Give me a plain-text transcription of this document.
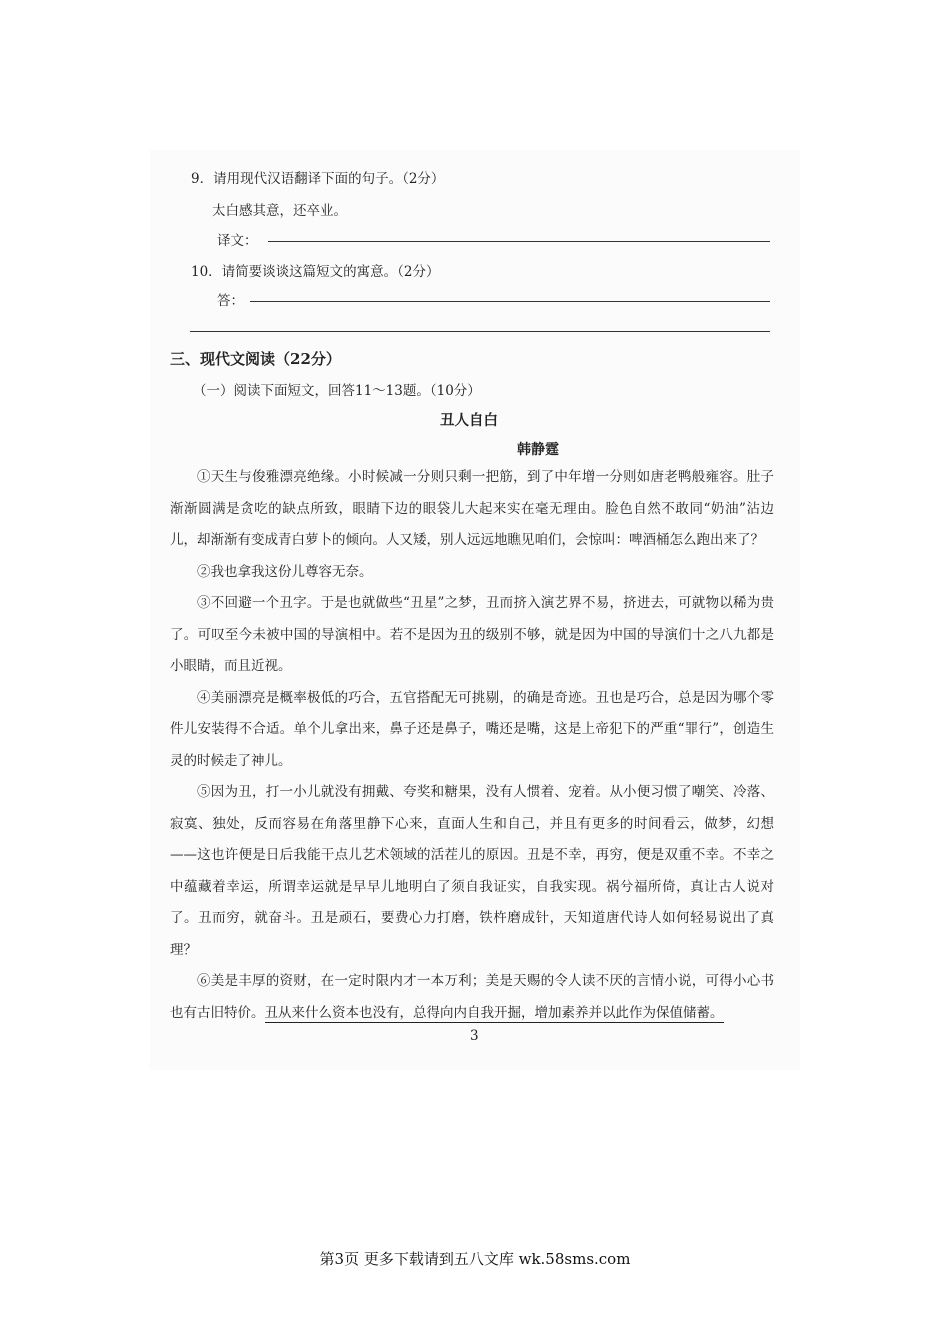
9．请用现代汉语翻译下面的句子。（2分）
太白感其意，还卒业。
译文：
10．请简要谈谈这篇短文的寓意。（2分）
答：
三、现代文阅读（22分）
（一）阅读下面短文，回答11～13题。（10分）
丑人自白
韩静霆

①天生与俊雅漂亮绝缘。小时候减一分则只剩一把筋，到了中年增一分则如唐老鸭般雍容。肚子渐渐圆满是贪吃的缺点所致，眼睛下边的眼袋儿大起来实在毫无理由。脸色自然不敢同“奶油”沾边儿，却渐渐有变成青白萝卜的倾向。人又矮，别人远远地瞧见咱们，会惊叫：啤酒桶怎么跑出来了？

②我也拿我这份儿尊容无奈。

③不回避一个丑字。于是也就做些“丑星”之梦，丑而挤入演艺界不易，挤进去，可就物以稀为贵了。可叹至今未被中国的导演相中。若不是因为丑的级别不够，就是因为中国的导演们十之八九都是小眼睛，而且近视。

④美丽漂亮是概率极低的巧合，五官搭配无可挑剔，的确是奇迹。丑也是巧合，总是因为哪个零件儿安装得不合适。单个儿拿出来，鼻子还是鼻子，嘴还是嘴，这是上帝犯下的严重“罪行”，创造生灵的时候走了神儿。

⑤因为丑，打一小儿就没有拥戴、夸奖和糖果，没有人惯着、宠着。从小便习惯了嘲笑、冷落、寂寞、独处，反而容易在角落里静下心来，直面人生和自己，并且有更多的时间看云，做梦，幻想——这也许便是日后我能干点儿艺术领域的活茬儿的原因。丑是不幸，再穷，便是双重不幸。不幸之中蕴藏着幸运，所谓幸运就是早早儿地明白了须自我证实，自我实现。祸兮福所倚，真让古人说对了。丑而穷，就奋斗。丑是顽石，要费心力打磨，铁杵磨成针，天知道唐代诗人如何轻易说出了真理？

⑥美是丰厚的资财，在一定时限内才一本万利；美是天赐的令人读不厌的言情小说，可得小心书也有古旧特价。丑从来什么资本也没有，总得向内自我开掘，增加素养并以此作为保值储蓄。

3
第3页 更多下载请到五八文库 wk.58sms.com
